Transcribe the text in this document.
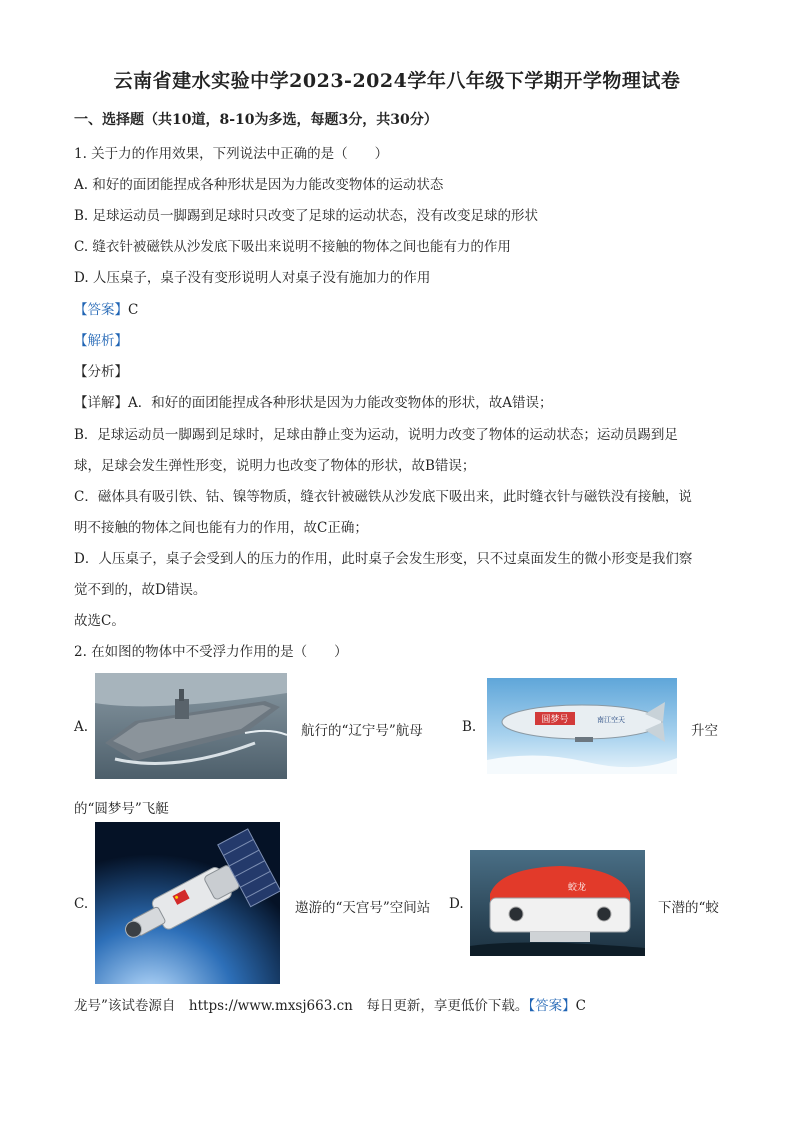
云南省建水实验中学2023-2024学年八年级下学期开学物理试卷
一、选择题（共10道，8-10为多选，每题3分，共30分）
1. 关于力的作用效果，下列说法中正确的是（　　）
A. 和好的面团能捏成各种形状是因为力能改变物体的运动状态
B. 足球运动员一脚踢到足球时只改变了足球的运动状态，没有改变足球的形状
C. 缝衣针被磁铁从沙发底下吸出来说明不接触的物体之间也能有力的作用
D. 人压桌子，桌子没有变形说明人对桌子没有施加力的作用
【答案】C
【解析】
【分析】
【详解】A．和好的面团能捏成各种形状是因为力能改变物体的形状，故A错误；
B．足球运动员一脚踢到足球时，足球由静止变为运动，说明力改变了物体的运动状态；运动员踢到足
球，足球会发生弹性形变，说明力也改变了物体的形状，故B错误；
C．磁体具有吸引铁、钴、镍等物质，缝衣针被磁铁从沙发底下吸出来，此时缝衣针与磁铁没有接触，说
明不接触的物体之间也能有力的作用，故C正确；
D．人压桌子，桌子会受到人的压力的作用，此时桌子会发生形变，只不过桌面发生的微小形变是我们察
觉不到的，故D错误。
故选C。
2. 在如图的物体中不受浮力作用的是（　　）
A.	航行的“辽宁号”航母	B.	圆梦号	南江空天
升空
的“圆梦号”飞艇
C.	遨游的“天宫号”空间站 D.
蛟龙
下潜的“蛟
龙号”该试卷源自　https://www.mxsj663.cn　每日更新，享更低价下载。【答案】C
